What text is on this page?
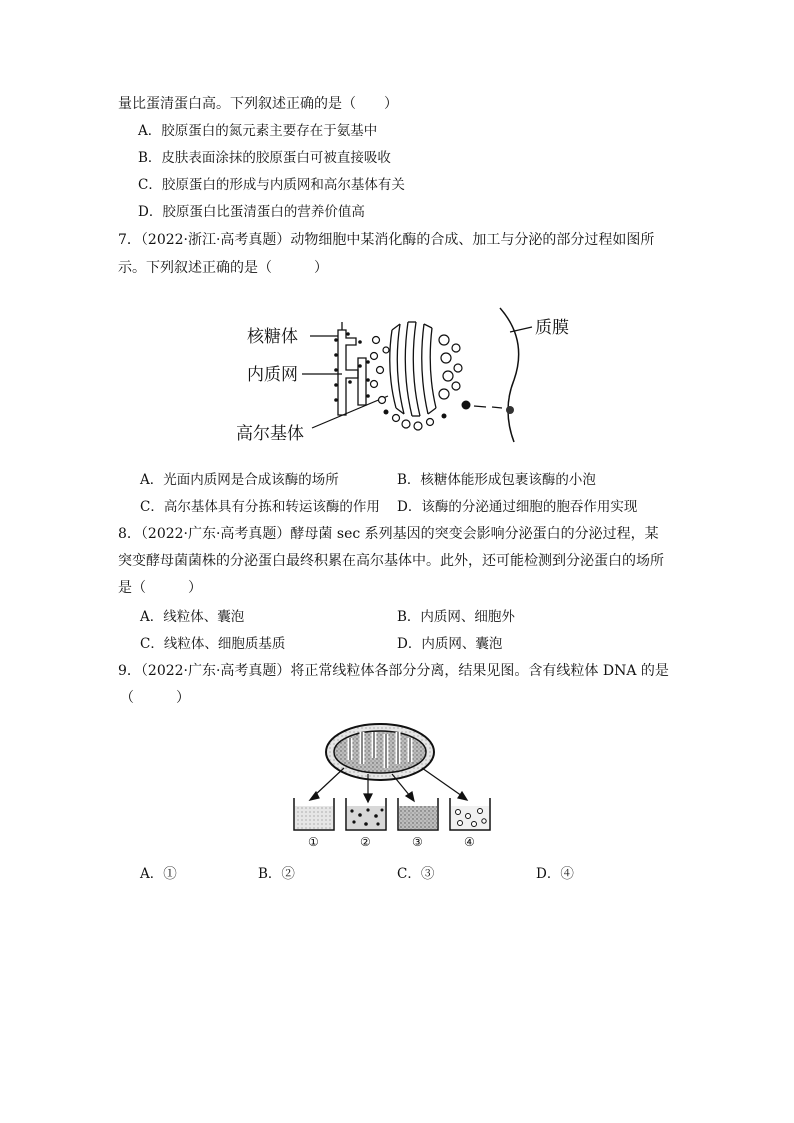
量比蛋清蛋白高。下列叙述正确的是（　　）
A．胶原蛋白的氮元素主要存在于氨基中
B．皮肤表面涂抹的胶原蛋白可被直接吸收
C．胶原蛋白的形成与内质网和高尔基体有关
D．胶原蛋白比蛋清蛋白的营养价值高
7．（2022·浙江·高考真题）动物细胞中某消化酶的合成、加工与分泌的部分过程如图所
示。下列叙述正确的是（　　　）
核糖体
内质网
高尔基体
质膜
A．光面内质网是合成该酶的场所	B．核糖体能形成包裹该酶的小泡
C．高尔基体具有分拣和转运该酶的作用 D．该酶的分泌通过细胞的胞吞作用实现
8．（2022·广东·高考真题）酵母菌 sec 系列基因的突变会影响分泌蛋白的分泌过程，某
突变酵母菌菌株的分泌蛋白最终积累在高尔基体中。此外，还可能检测到分泌蛋白的场所
是（　　　）
A．线粒体、囊泡	B．内质网、细胞外
C．线粒体、细胞质基质	D．内质网、囊泡
9．（2022·广东·高考真题）将正常线粒体各部分分离，结果见图。含有线粒体 DNA 的是
（　　　）
①	②	③	④
A．①	B．②	C．③	D．④
